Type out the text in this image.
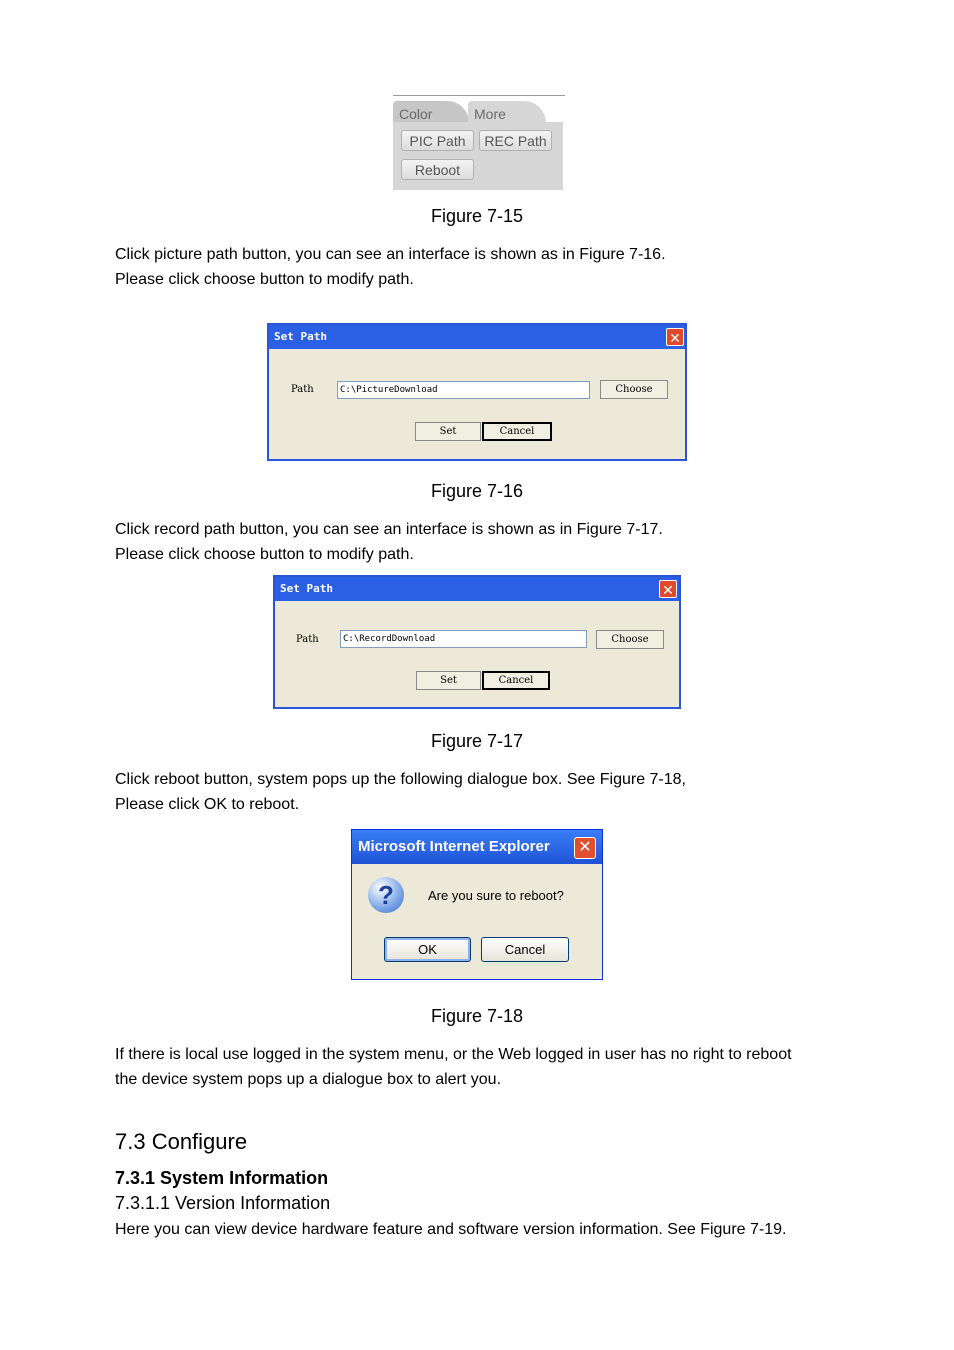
Color	More
PIC Path	REC Path
Reboot
Figure 7-15
Click picture path button, you can see an interface is shown as in Figure 7-16.
Please click choose button to modify path.
Set Path	✕
Path	C:\PictureDownload	Choose
Set	Cancel
Figure 7-16
Click record path button, you can see an interface is shown as in Figure 7-17.
Please click choose button to modify path.
Set Path	✕
Path	C:\RecordDownload	Choose
Set	Cancel
Figure 7-17
Click reboot button, system pops up the following dialogue box. See Figure 7-18,
Please click OK to reboot.
Microsoft Internet Explorer	✕
?	Are you sure to reboot?
OK	Cancel
Figure 7-18
If there is local use logged in the system menu, or the Web logged in user has no right to reboot
the device system pops up a dialogue box to alert you.
7.3 Configure
7.3.1 System Information
7.3.1.1 Version Information
Here you can view device hardware feature and software version information. See Figure 7-19.
